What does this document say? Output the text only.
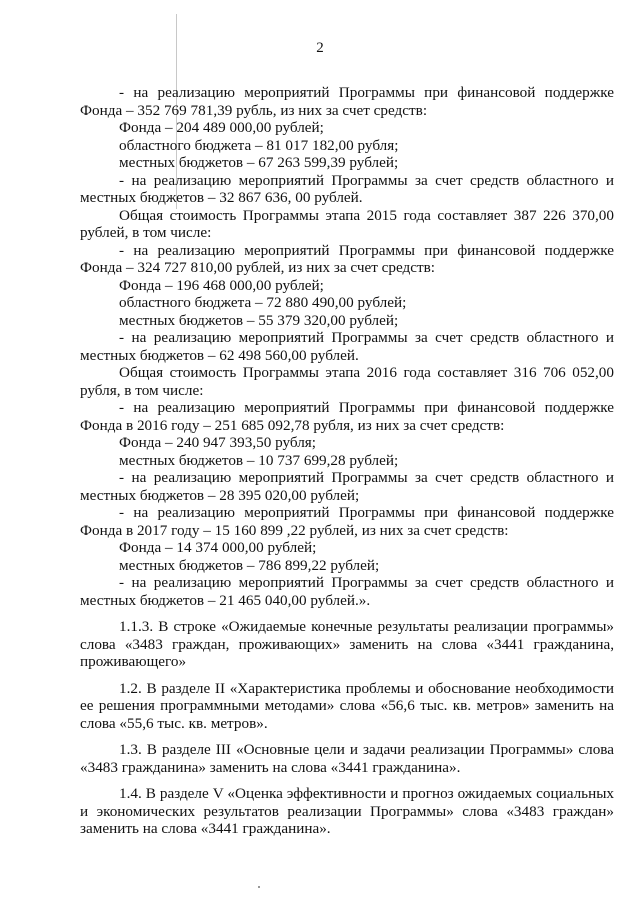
2
- на реализацию мероприятий Программы при финансовой поддержке
Фонда – 352 769 781,39 рубль, из них за счет средств:
Фонда – 204 489 000,00 рублей;
областного бюджета – 81 017 182,00 рубля;
местных бюджетов – 67 263 599,39 рублей;
- на реализацию мероприятий Программы за счет средств областного и
местных бюджетов – 32 867 636, 00 рублей.
Общая стоимость Программы этапа 2015 года составляет 387 226 370,00
рублей, в том числе:
- на реализацию мероприятий Программы при финансовой поддержке
Фонда – 324 727 810,00 рублей, из них за счет средств:
Фонда – 196 468 000,00 рублей;
областного бюджета – 72 880 490,00 рублей;
местных бюджетов – 55 379 320,00 рублей;
- на реализацию мероприятий Программы за счет средств областного и
местных бюджетов – 62 498 560,00 рублей.
Общая стоимость Программы этапа 2016 года составляет 316 706 052,00
рубля, в том числе:
- на реализацию мероприятий Программы при финансовой поддержке
Фонда в 2016 году – 251 685 092,78 рубля, из них за счет средств:
Фонда – 240 947 393,50 рубля;
местных бюджетов – 10 737 699,28 рублей;
- на реализацию мероприятий Программы за счет средств областного и
местных бюджетов – 28 395 020,00 рублей;
- на реализацию мероприятий Программы при финансовой поддержке
Фонда в 2017 году – 15 160 899 ,22 рублей, из них за счет средств:
Фонда – 14 374 000,00 рублей;
местных бюджетов – 786 899,22 рублей;
- на реализацию мероприятий Программы за счет средств областного и
местных бюджетов – 21 465 040,00 рублей.».
1.1.3. В строке «Ожидаемые конечные результаты реализации программы»
слова «3483 граждан, проживающих» заменить на слова «3441 гражданина,
проживающего»
1.2. В разделе II «Характеристика проблемы и обоснование необходимости
ее решения программными методами» слова «56,6 тыс. кв. метров» заменить на
слова «55,6 тыс. кв. метров».
1.3. В разделе III «Основные цели и задачи реализации Программы» слова
«3483 гражданина» заменить на слова «3441 гражданина».
1.4. В разделе V «Оценка эффективности и прогноз ожидаемых социальных
и экономических результатов реализации Программы» слова «3483 граждан»
заменить на слова «3441 гражданина».
